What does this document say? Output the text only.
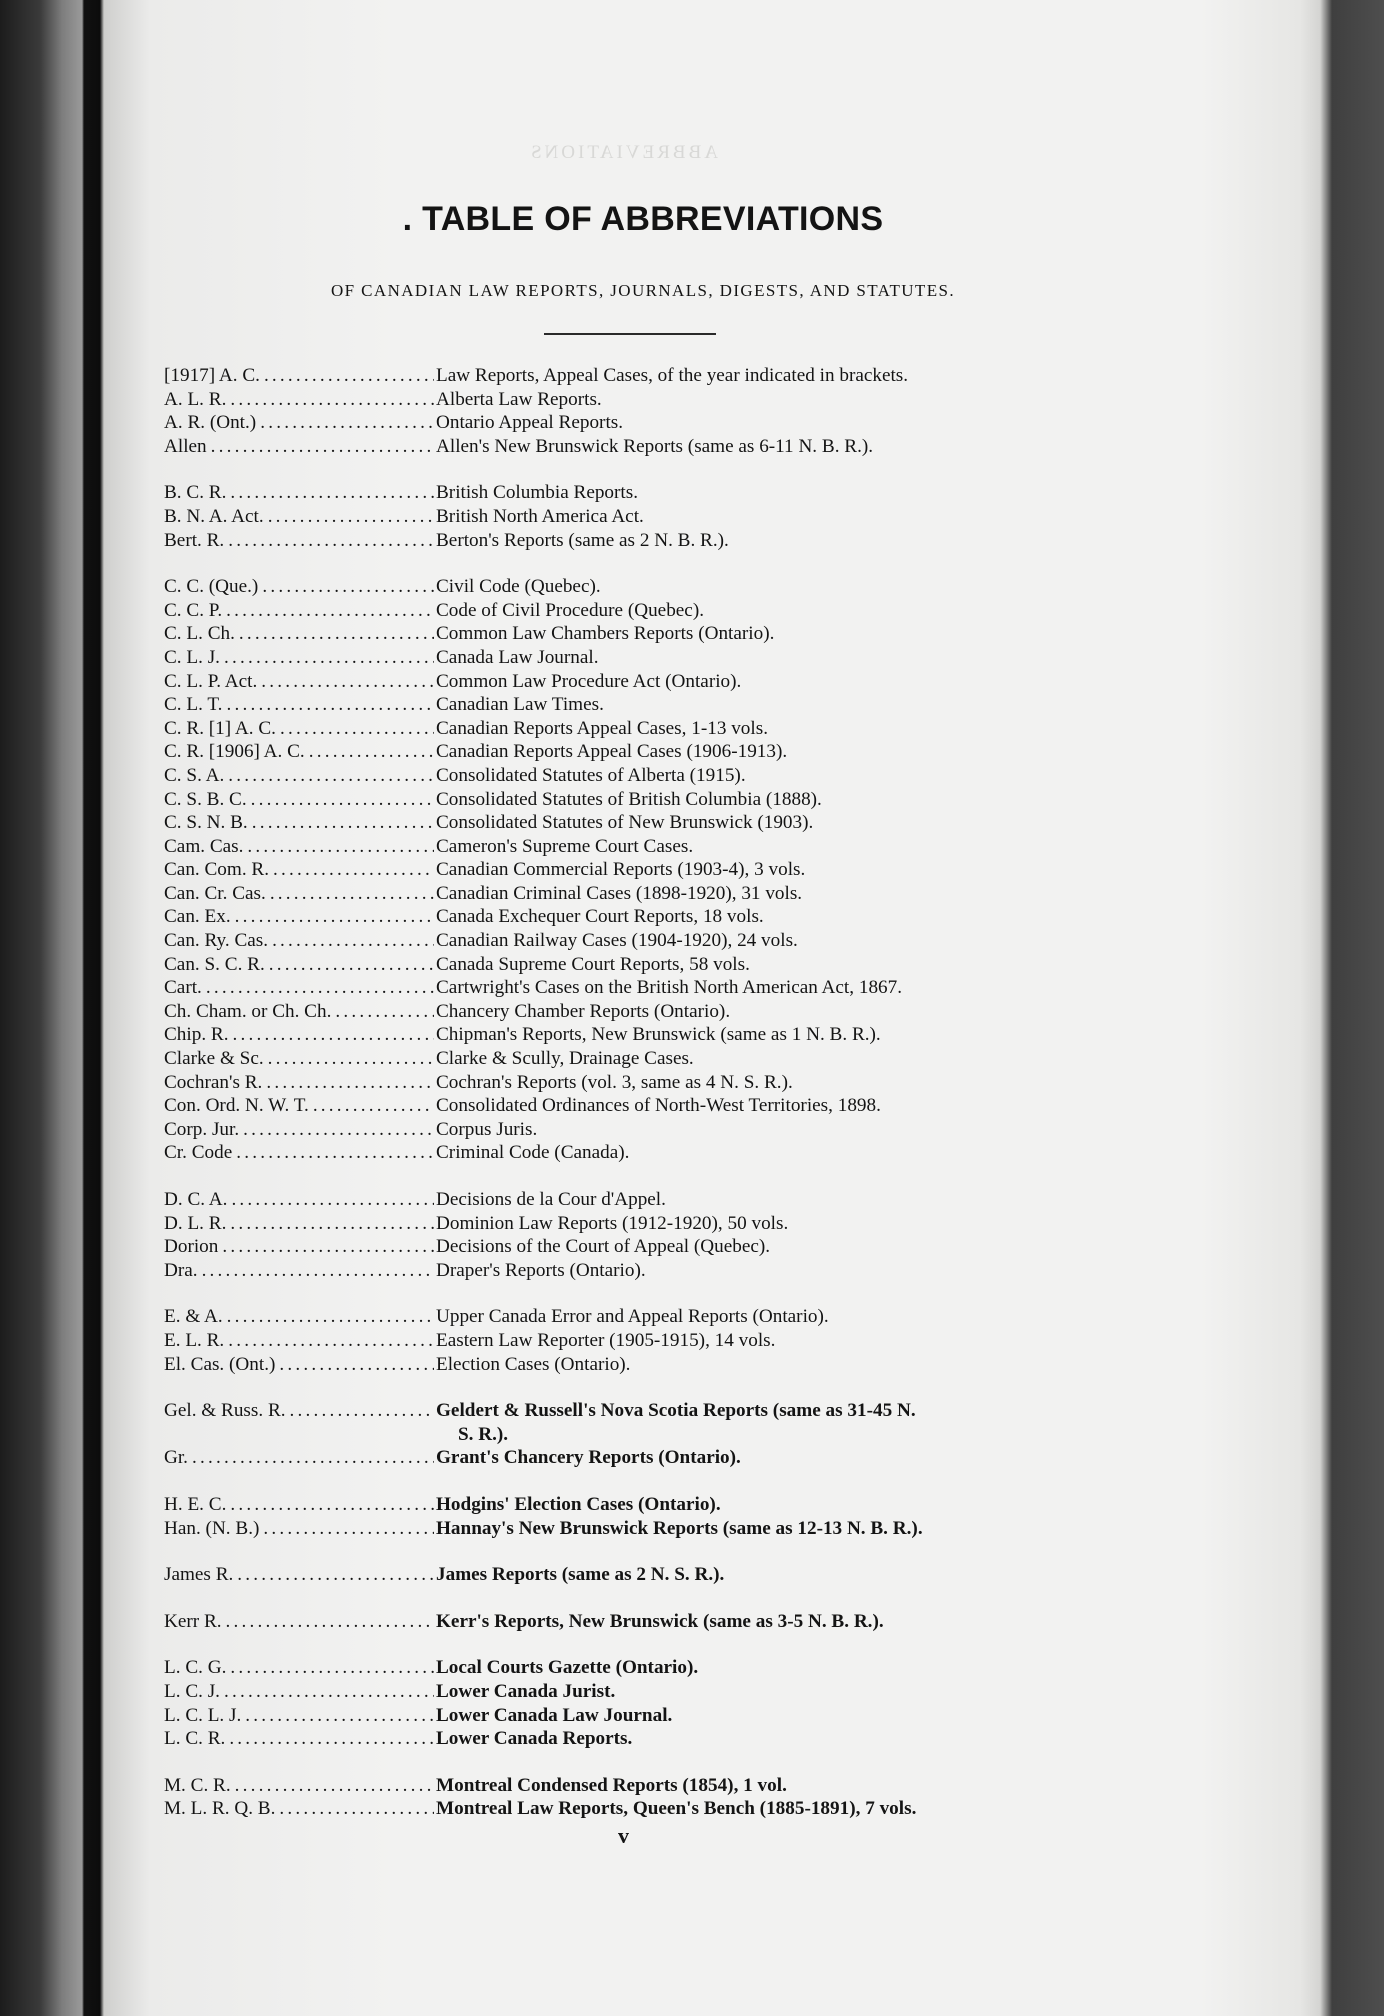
ABBREVIATIONS
. TABLE OF ABBREVIATIONS

OF CANADIAN LAW REPORTS, JOURNALS, DIGESTS, AND STATUTES.

[1917] A. C. .....	Law Reports, Appeal Cases, of the year indicated in brackets.
A. L. R. .....	Alberta Law Reports.
A. R. (Ont.) .....	Ontario Appeal Reports.
Allen .....	Allen's New Brunswick Reports (same as 6-11 N. B. R.).
B. C. R. .....	British Columbia Reports.
B. N. A. Act. .....	British North America Act.
Bert. R. .....	Berton's Reports (same as 2 N. B. R.).
C. C. (Que.) .....	Civil Code (Quebec).
C. C. P. .....	Code of Civil Procedure (Quebec).
C. L. Ch. .....	Common Law Chambers Reports (Ontario).
C. L. J. .....	Canada Law Journal.
C. L. P. Act. .....	Common Law Procedure Act (Ontario).
C. L. T. .....	Canadian Law Times.
C. R. [1] A. C. .....	Canadian Reports Appeal Cases, 1-13 vols.
C. R. [1906] A. C. .....	Canadian Reports Appeal Cases (1906-1913).
C. S. A. .....	Consolidated Statutes of Alberta (1915).
C. S. B. C. .....	Consolidated Statutes of British Columbia (1888).
C. S. N. B. .....	Consolidated Statutes of New Brunswick (1903).
Cam. Cas. .....	Cameron's Supreme Court Cases.
Can. Com. R. .....	Canadian Commercial Reports (1903-4), 3 vols.
Can. Cr. Cas. .....	Canadian Criminal Cases (1898-1920), 31 vols.
Can. Ex. .....	Canada Exchequer Court Reports, 18 vols.
Can. Ry. Cas. .....	Canadian Railway Cases (1904-1920), 24 vols.
Can. S. C. R. .....	Canada Supreme Court Reports, 58 vols.
Cart. .....	Cartwright's Cases on the British North American Act, 1867.
Ch. Cham. or Ch. Ch. .....	Chancery Chamber Reports (Ontario).
Chip. R. .....	Chipman's Reports, New Brunswick (same as 1 N. B. R.).
Clarke & Sc. .....	Clarke & Scully, Drainage Cases.
Cochran's R. .....	Cochran's Reports (vol. 3, same as 4 N. S. R.).
Con. Ord. N. W. T. .....	Consolidated Ordinances of North-West Territories, 1898.
Corp. Jur. .....	Corpus Juris.
Cr. Code .....	Criminal Code (Canada).
D. C. A. .....	Decisions de la Cour d'Appel.
D. L. R. .....	Dominion Law Reports (1912-1920), 50 vols.
Dorion .....	Decisions of the Court of Appeal (Quebec).
Dra. .....	Draper's Reports (Ontario).
E. & A. .....	Upper Canada Error and Appeal Reports (Ontario).
E. L. R. .....	Eastern Law Reporter (1905-1915), 14 vols.
El. Cas. (Ont.) .....	Election Cases (Ontario).
Gel. & Russ. R. .....	Geldert & Russell's Nova Scotia Reports (same as 31-45 N.
S. R.).
Gr. .....	Grant's Chancery Reports (Ontario).
H. E. C. .....	Hodgins' Election Cases (Ontario).
Han. (N. B.) .....	Hannay's New Brunswick Reports (same as 12-13 N. B. R.).
James R. .....	James Reports (same as 2 N. S. R.).
Kerr R. .....	Kerr's Reports, New Brunswick (same as 3-5 N. B. R.).
L. C. G. .....	Local Courts Gazette (Ontario).
L. C. J. .....	Lower Canada Jurist.
L. C. L. J. .....	Lower Canada Law Journal.
L. C. R. .....	Lower Canada Reports.
M. C. R. .....	Montreal Condensed Reports (1854), 1 vol.
M. L. R. Q. B. .....	Montreal Law Reports, Queen's Bench (1885-1891), 7 vols.
v
